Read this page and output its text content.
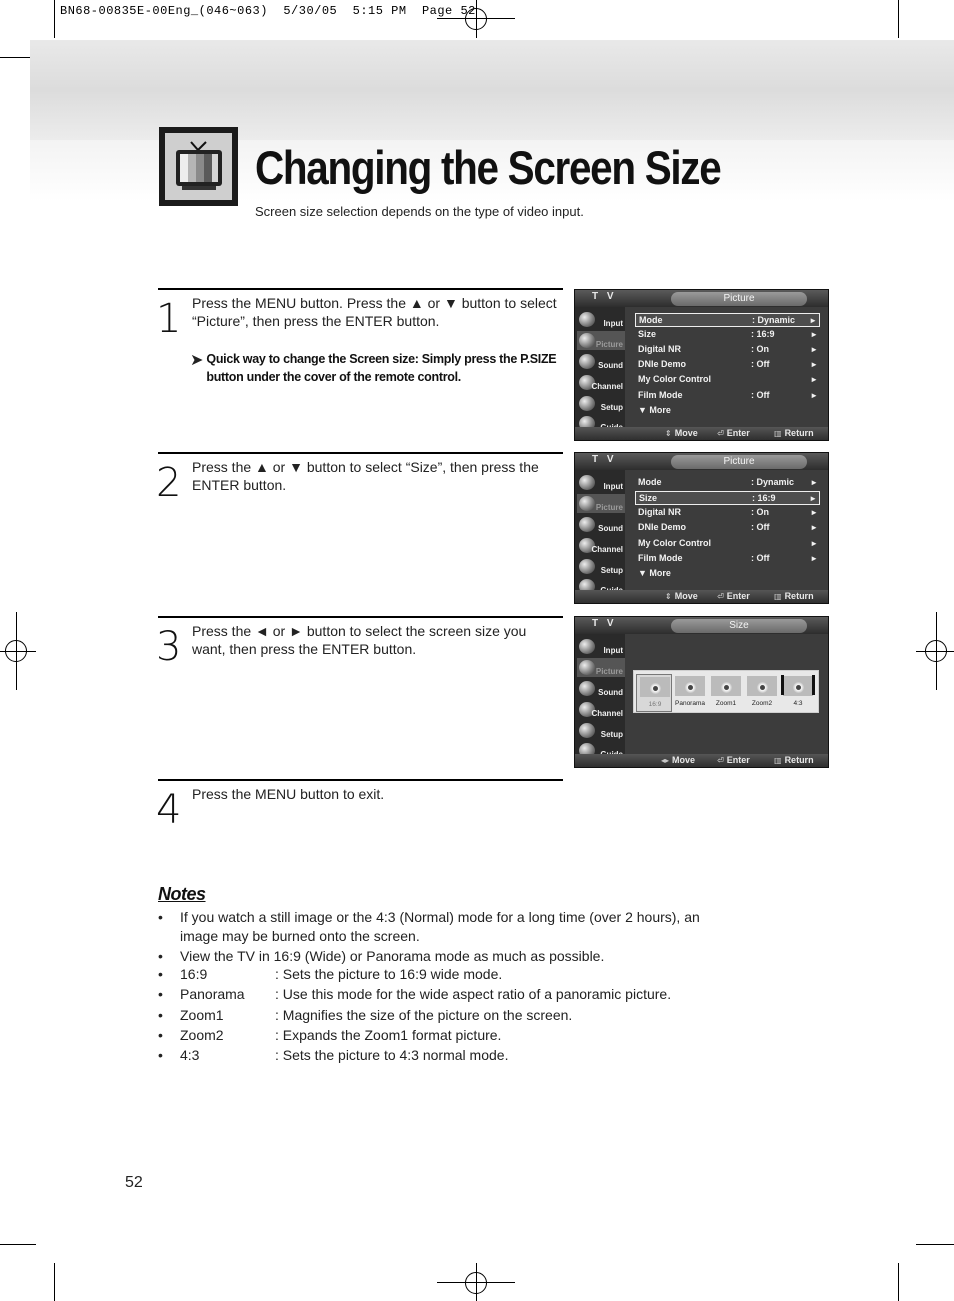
BN68-00835E-00Eng_(046~063)  5/30/05  5:15 PM  Page 52
Changing the Screen Size
Screen size selection depends on the type of video input.
1 Press the MENU button. Press the ▲ or ▼ button to select “Picture”, then press the ENTER button.
➤ Quick way to change the Screen size: Simply press the P.SIZE button under the cover of the remote control.
2 Press the ▲ or ▼ button to select “Size”, then press the ENTER button.
3 Press the ◄ or ► button to select the screen size you want, then press the ENTER button.
4 Press the MENU button to exit.
T V	Picture
Input
Picture
Sound
Channel
Setup
Mode	: Dynamic ►
Size	: 16:9	►
Digital NR	: On	►
DNIe Demo	: Off	►
My Color Control	►
Film Mode	: Off	►
▼ More
⇕ Move ⏎ Enter	▥ Return
T V	Picture
Input
Picture
Sound
Channel
Setup
Mode	: Dynamic ►
Size	: 16:9	►
Digital NR	: On	►
DNIe Demo	: Off	►
My Color Control	►
Film Mode	: Off	►
▼ More
⇕ Move ⏎ Enter	▥ Return
T V	Size
Input
Picture
Sound
Channel
Setup
16:9	Panorama	Zoom1	Zoom2	4:3
◂▸ Move	⏎ Enter	▥ Return
Notes
• If you watch a still image or the 4:3 (Normal) mode for a long time (over 2 hours), an image may be burned onto the screen.
• View the TV in 16:9 (Wide) or Panorama mode as much as possible.
• 16:9	: Sets the picture to 16:9 wide mode.
• Panorama : Use this mode for the wide aspect ratio of a panoramic picture.
• Zoom1	: Magnifies the size of the picture on the screen.
• Zoom2	: Expands the Zoom1 format picture.
• 4:3	: Sets the picture to 4:3 normal mode.
52
